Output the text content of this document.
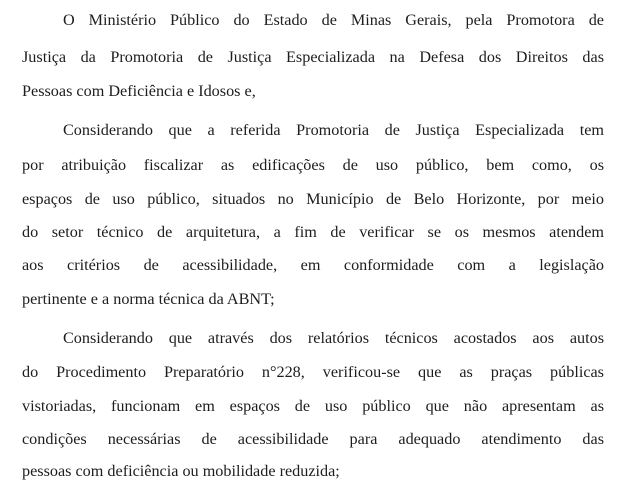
O Ministério Público do Estado de Minas Gerais, pela Promotora de

Justiça da Promotoria de Justiça Especializada na Defesa dos Direitos das

Pessoas com Deficiência e Idosos e,

Considerando que a referida Promotoria de Justiça Especializada tem

por atribuição fiscalizar as edificações de uso público, bem como, os

espaços de uso público, situados no Município de Belo Horizonte, por meio

do setor técnico de arquitetura, a fim de verificar se os mesmos atendem

aos critérios de acessibilidade, em conformidade com a legislação

pertinente e a norma técnica da ABNT;

Considerando que através dos relatórios técnicos acostados aos autos

do Procedimento Preparatório n°228, verificou-se que as praças públicas

vistoriadas, funcionam em espaços de uso público que não apresentam as

condições necessárias de acessibilidade para adequado atendimento das

pessoas com deficiência ou mobilidade reduzida;
